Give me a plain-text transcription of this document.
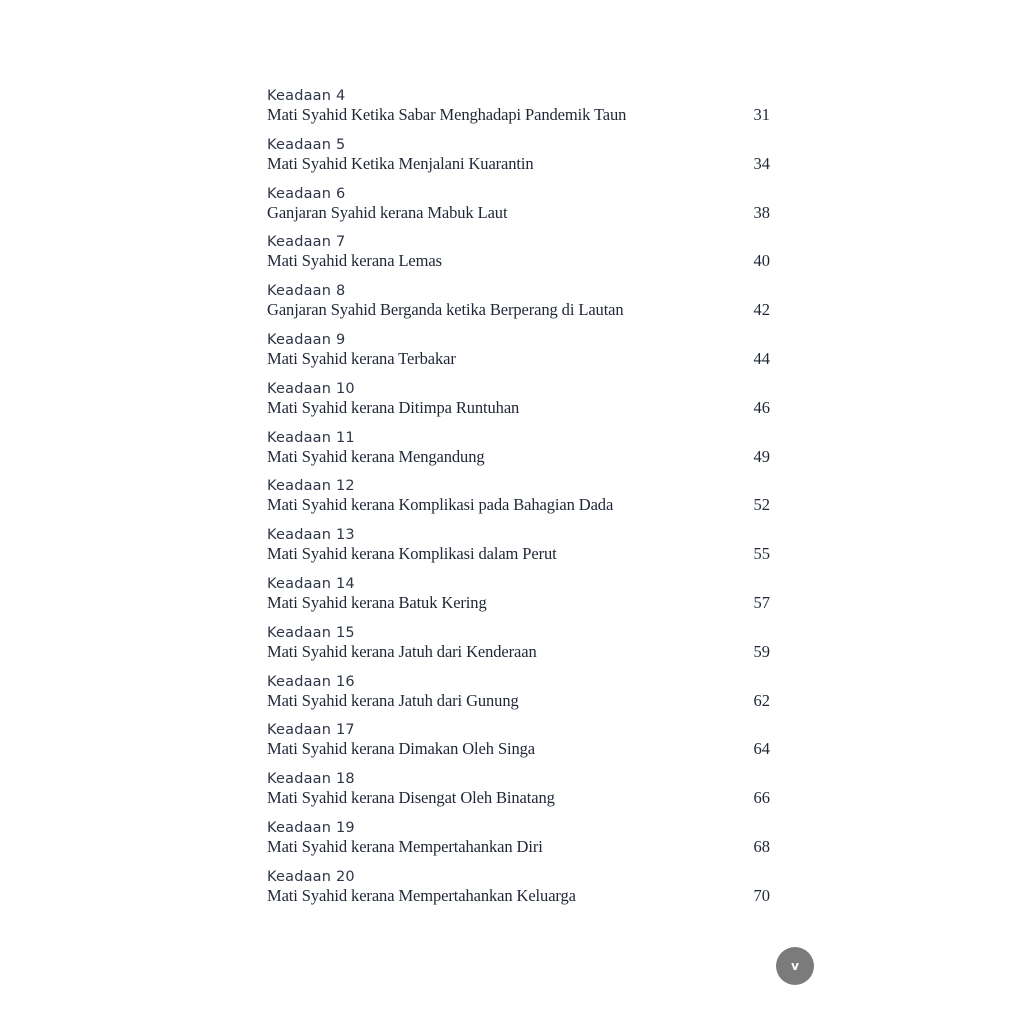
Keadaan 4
Mati Syahid Ketika Sabar Menghadapi Pandemik Taun	31
Keadaan 5
Mati Syahid Ketika Menjalani Kuarantin	34
Keadaan 6
Ganjaran Syahid kerana Mabuk Laut	38
Keadaan 7
Mati Syahid kerana Lemas	40
Keadaan 8
Ganjaran Syahid Berganda ketika Berperang di Lautan	42
Keadaan 9
Mati Syahid kerana Terbakar	44
Keadaan 10
Mati Syahid kerana Ditimpa Runtuhan	46
Keadaan 11
Mati Syahid kerana Mengandung	49
Keadaan 12
Mati Syahid kerana Komplikasi pada Bahagian Dada	52
Keadaan 13
Mati Syahid kerana Komplikasi dalam Perut	55
Keadaan 14
Mati Syahid kerana Batuk Kering	57
Keadaan 15
Mati Syahid kerana Jatuh dari Kenderaan	59
Keadaan 16
Mati Syahid kerana Jatuh dari Gunung	62
Keadaan 17
Mati Syahid kerana Dimakan Oleh Singa	64
Keadaan 18
Mati Syahid kerana Disengat Oleh Binatang	66
Keadaan 19
Mati Syahid kerana Mempertahankan Diri	68
Keadaan 20
Mati Syahid kerana Mempertahankan Keluarga	70
v
